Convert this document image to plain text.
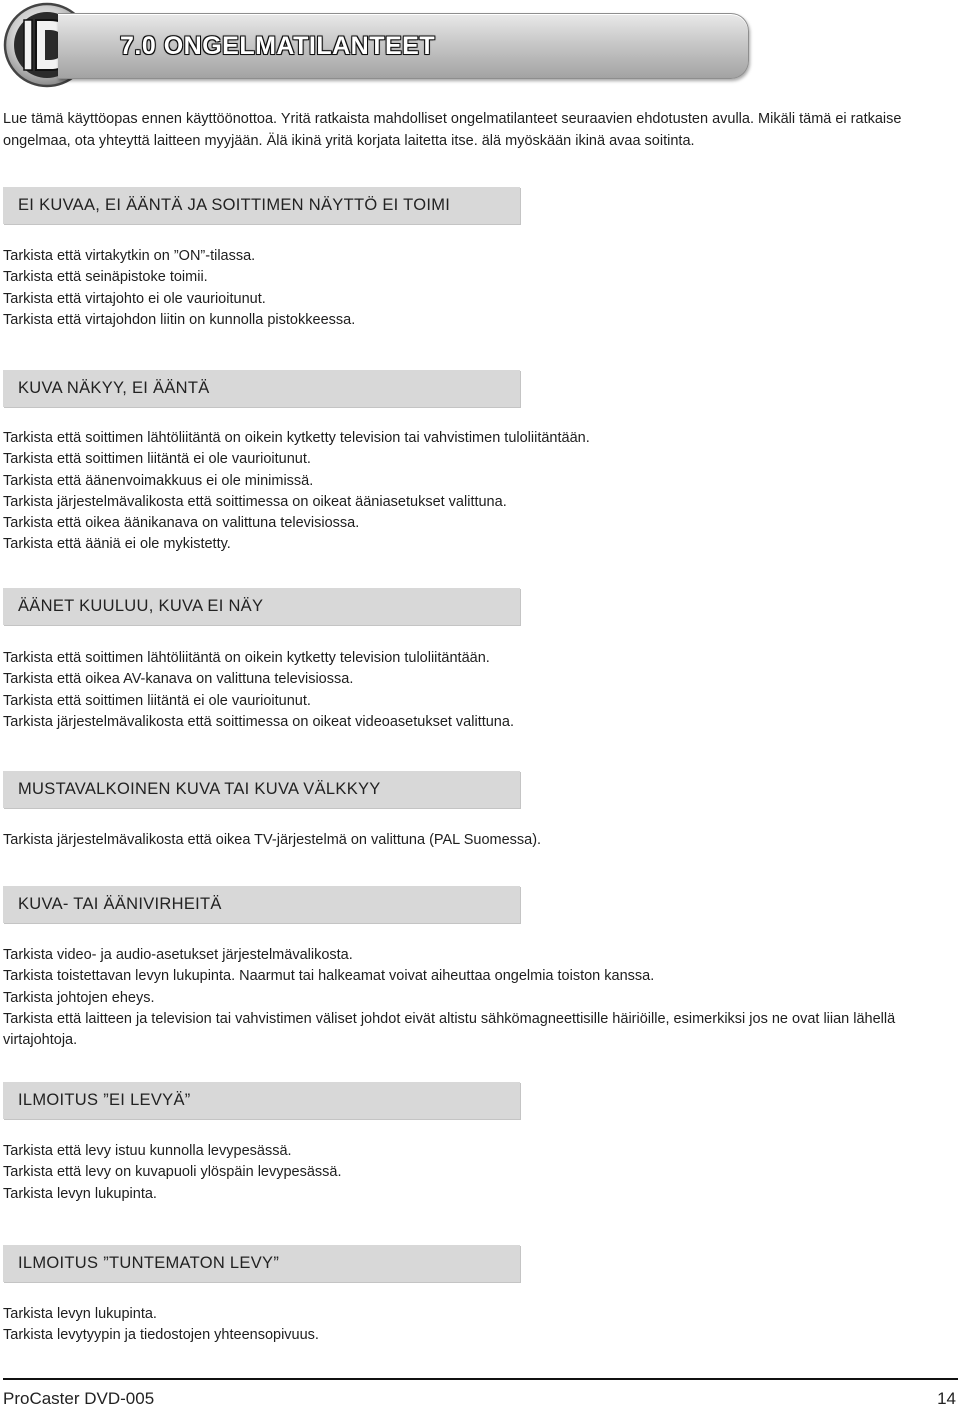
7.0 ONGELMATILANTEET

Lue tämä käyttöopas ennen käyttöönottoa. Yritä ratkaista mahdolliset ongelmatilanteet seuraavien ehdotusten avulla. Mikäli tämä ei ratkaise ongelmaa, ota yhteyttä laitteen myyjään. Älä ikinä yritä korjata laitetta itse. älä myöskään ikinä avaa soitinta.

EI KUVAA, EI ÄÄNTÄ JA SOITTIMEN NÄYTTÖ EI TOIMI
Tarkista että virtakytkin on ”ON”-tilassa.
Tarkista että seinäpistoke toimii.
Tarkista että virtajohto ei ole vaurioitunut.
Tarkista että virtajohdon liitin on kunnolla pistokkeessa.
KUVA NÄKYY, EI ÄÄNTÄ
Tarkista että soittimen lähtöliitäntä on oikein kytketty television tai vahvistimen tuloliitäntään.
Tarkista että soittimen liitäntä ei ole vaurioitunut.
Tarkista että äänenvoimakkuus ei ole minimissä.
Tarkista järjestelmävalikosta että soittimessa on oikeat ääniasetukset valittuna.
Tarkista että oikea äänikanava on valittuna televisiossa.
Tarkista että ääniä ei ole mykistetty.
ÄÄNET KUULUU, KUVA EI NÄY
Tarkista että soittimen lähtöliitäntä on oikein kytketty television tuloliitäntään.
Tarkista että oikea AV-kanava on valittuna televisiossa.
Tarkista että soittimen liitäntä ei ole vaurioitunut.
Tarkista järjestelmävalikosta että soittimessa on oikeat videoasetukset valittuna.
MUSTAVALKOINEN KUVA TAI KUVA VÄLKKYY
Tarkista järjestelmävalikosta että oikea TV-järjestelmä on valittuna (PAL Suomessa).
KUVA- TAI ÄÄNIVIRHEITÄ
Tarkista video- ja audio-asetukset järjestelmävalikosta.
Tarkista toistettavan levyn lukupinta. Naarmut tai halkeamat voivat aiheuttaa ongelmia toiston kanssa.
Tarkista johtojen eheys.
Tarkista että laitteen ja television tai vahvistimen väliset johdot eivät altistu sähkömagneettisille häiriöille, esimerkiksi jos ne ovat liian lähellä virtajohtoja.
ILMOITUS ”EI LEVYÄ”
Tarkista että levy istuu kunnolla levypesässä.
Tarkista että levy on kuvapuoli ylöspäin levypesässä.
Tarkista levyn lukupinta.
ILMOITUS ”TUNTEMATON LEVY”
Tarkista levyn lukupinta.
Tarkista levytyypin ja tiedostojen yhteensopivuus.
ProCaster DVD-005	14
